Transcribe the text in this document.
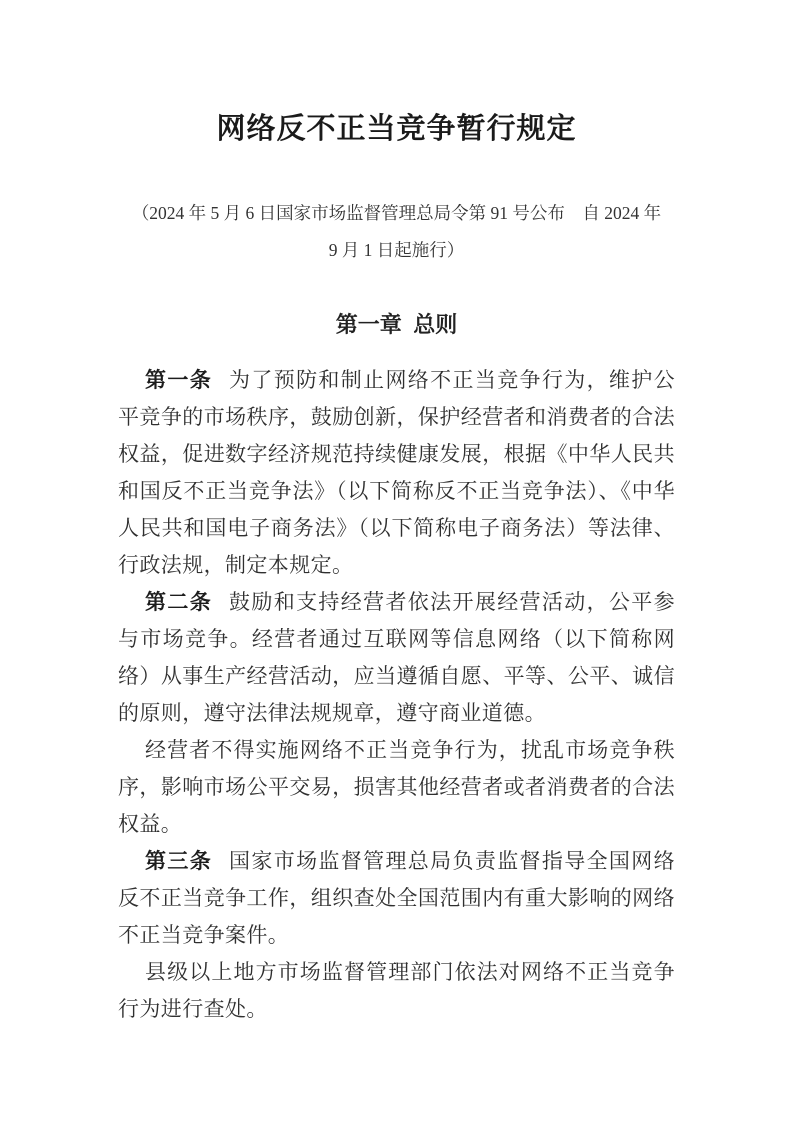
网络反不正当竞争暂行规定
（2024 年 5 月 6 日国家市场监督管理总局令第 91 号公布　自 2024 年
9 月 1 日起施行）
第一章 总则

第一条 为了预防和制止网络不正当竞争行为，维护公平竞争的市场秩序，鼓励创新，保护经营者和消费者的合法权益，促进数字经济规范持续健康发展，根据《中华人民共和国反不正当竞争法》（以下简称反不正当竞争法）、《中华人民共和国电子商务法》（以下简称电子商务法）等法律、行政法规，制定本规定。

第二条 鼓励和支持经营者依法开展经营活动，公平参与市场竞争。经营者通过互联网等信息网络（以下简称网络）从事生产经营活动，应当遵循自愿、平等、公平、诚信的原则，遵守法律法规规章，遵守商业道德。

经营者不得实施网络不正当竞争行为，扰乱市场竞争秩序，影响市场公平交易，损害其他经营者或者消费者的合法权益。

第三条 国家市场监督管理总局负责监督指导全国网络反不正当竞争工作，组织查处全国范围内有重大影响的网络不正当竞争案件。

县级以上地方市场监督管理部门依法对网络不正当竞争行为进行查处。
